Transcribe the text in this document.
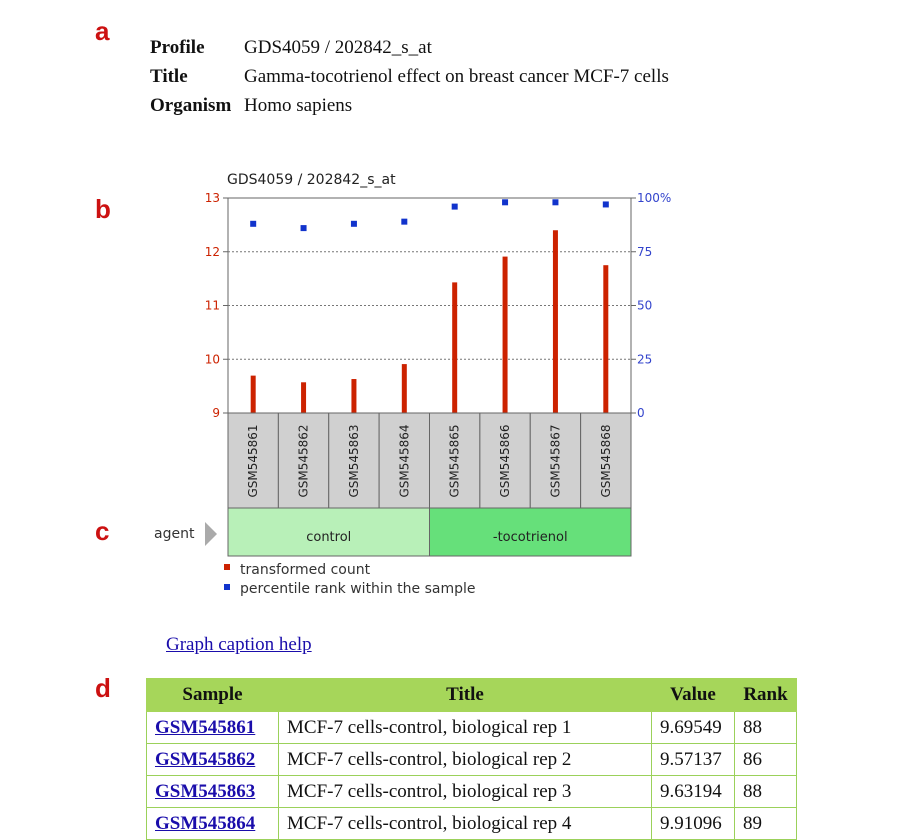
a
b
c
d
Profile	GDS4059 / 202842_s_at
Title	Gamma-tocotrienol effect on breast cancer MCF-7 cells
Organism Homo sapiens
GDS4059 / 202842_s_at
13
12
11
10
9
100%
75
50
25
0
GSM545861	GSM545862	GSM545863	GSM545864	GSM545865	GSM545866	GSM545867	GSM545868
agent	control	-tocotrienol
transformed count
percentile rank within the sample
Graph caption help
Sample	Title	Value	Rank
GSM545861	MCF-7 cells-control, biological rep 1	9.69549	88
GSM545862	MCF-7 cells-control, biological rep 2	9.57137	86
GSM545863	MCF-7 cells-control, biological rep 3	9.63194	88
GSM545864	MCF-7 cells-control, biological rep 4	9.91096	89
